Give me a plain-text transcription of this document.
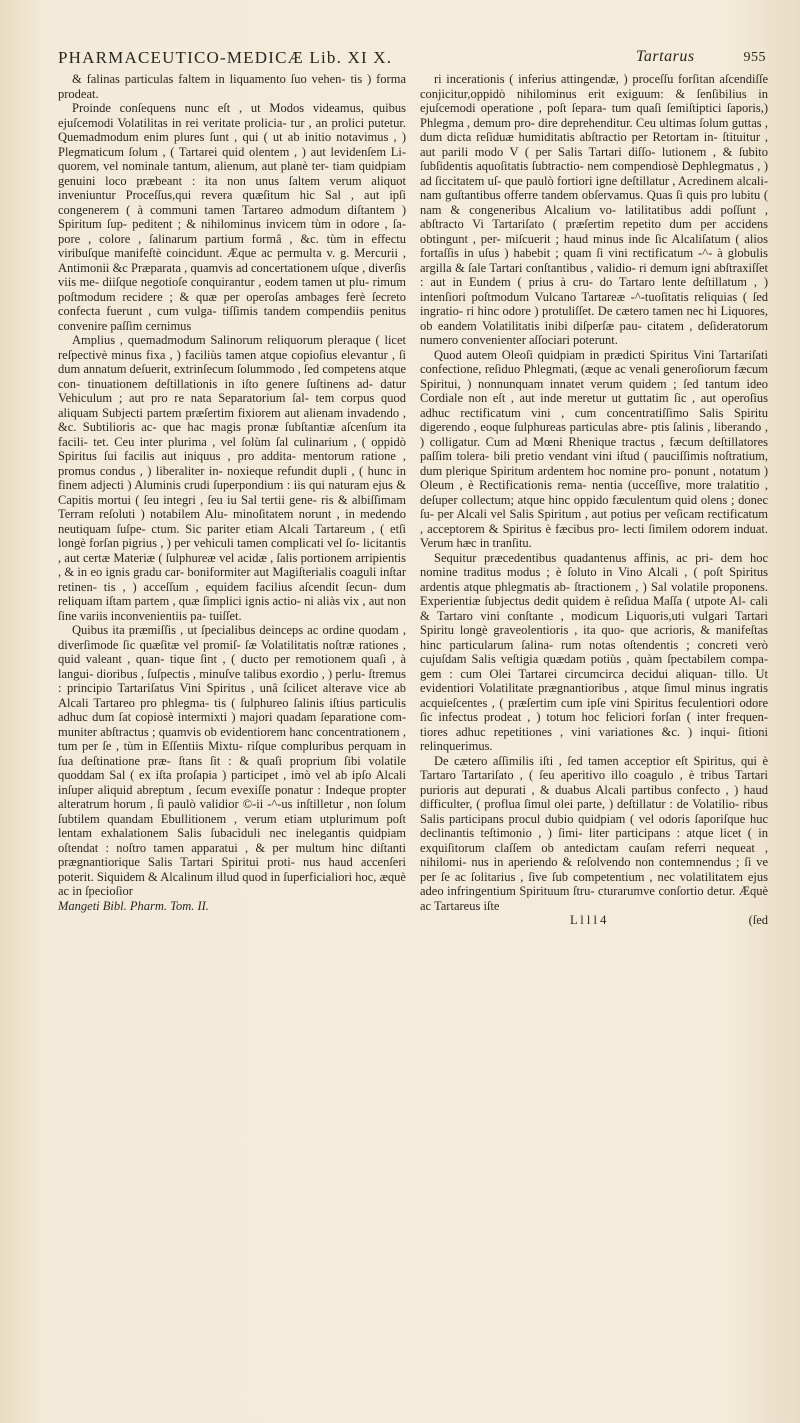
PHARMACEUTICO-MEDICÆ Lib. XI X.	Tartarus	955

& falinas particulas faltem in liquamento ſuo vehen- tis ) forma prodeat.

Proinde conſequens nunc eſt , ut Modos videamus, quibus ejuſcemodi Volatilitas in rei veritate prolicia- tur , an prolici putetur. Quemadmodum enim plures ſunt , qui ( ut ab initio notavimus , ) Plegmaticum ſolum , ( Tartarei quid olentem , ) aut levidenſem Li- quorem, vel nominale tantum, alienum, aut planè ter- tiam quidpiam genuini loco præbeant : ita non unus ſaltem verum aliquot inveniuntur Proceſſus,qui revera quæſitum hic Sal , aut ipſi congenerem ( à communi tamen Tartareo admodum diſtantem ) Spiritum ſup- peditent ; & nihilominus invicem tùm in odore , ſa- pore , colore , ſalinarum partium formâ , &c. tùm in effectu viribuſque manifeſtè coincidunt. Æque ac permulta v. g. Mercurii , Antimonii &c Præparata , quamvis ad concertationem uſque , diverſis viis me- diiſque negotioſe conquirantur , eodem tamen ut plu- rimum poſtmodum recidere ; & quæ per operoſas ambages ferè ſecreto confecta fuerunt , cum vulga- tiſſimis tandem compendiis penitus convenire paſſim cernimus

Amplius , quemadmodum Salinorum reliquorum pleraque ( licet reſpectivè minus fixa , ) faciliùs tamen atque copioſius elevantur , ſi dum annatum deſuerit, extrinſecum ſolummodo , ſed competens atque con- tinuationem deſtillationis in iſto genere ſuſtinens ad- datur Vehiculum ; aut pro re nata Separatorium ſal- tem corpus quod aliquam Subjecti partem præſertim fixiorem aut alienam invadendo , &c. Subtilioris ac- que hac magis pronæ ſubſtantiæ aſcenſum ita facili- tet. Ceu inter plurima , vel ſolùm ſal culinarium , ( oppidò Spiritus ſui facilis aut iniquus , pro addita- mentorum ratione , promus condus , ) liberaliter in- noxieque refundit dupli , ( hunc in finem adjecti ) Aluminis crudi ſuperpondium : iis qui naturam ejus & Capitis mortui ( ſeu integri , ſeu iu Sal tertii gene- ris & albiſſimam Terram reſoluti ) notabilem Alu- minoſitatem norunt , in medendo neutiquam ſuſpe- ctum. Sic pariter etiam Alcali Tartareum , ( etſi longè forſan pigrius , ) per vehiculi tamen complicati vel ſo- licitantis , aut certæ Materiæ ( ſulphureæ vel acidæ , ſalis portionem arripientis , & in eo ignis gradu car- boniformiter aut Magiſterialis coaguli inſtar retinen- tis , ) acceſſum , equidem facilius aſcendit ſecun- dum reliquam iſtam partem , quæ ſimplici ignis actio- ni aliàs vix , aut non ſine variis inconvenientiis pa- tuiſſet.

Quibus ita præmiſſis , ut ſpecialibus deinceps ac ordine quodam , diverſimode ſic quæſitæ vel promiſ- ſæ Volatilitatis noſtræ rationes , quid valeant , quan- tique ſint , ( ducto per remotionem quaſi , à langui- dioribus , ſuſpectis , minuſve talibus exordio , ) perlu- ſtremus : principio Tartariſatus Vini Spiritus , unâ ſcilicet alterave vice ab Alcali Tartareo pro phlegma- tis ( ſulphureo ſalinis iſtius particulis adhuc dum ſat copiosè intermixti ) majori quadam ſeparatione com- muniter abſtractus ; quamvis ob evidentiorem hanc concentrationem , tum per ſe , tùm in Eſſentiis Mixtu- riſque compluribus perquam in ſua deſtinatione præ- ſtans ſit : & quaſi proprium ſibi volatile quoddam Sal ( ex iſta proſapia ) participet , imò vel ab ipſo Alcali inſuper aliquid abreptum , ſecum evexiſſe ponatur : Indeque propter alteratrum horum , ſi paulò validior ©-ii -^-us inſtilletur , non ſolum ſubtilem quandam Ebullitionem , verum etiam utplurimum poſt lentam exhalationem Salis ſubacìduli nec inelegantis quidpiam oſtendat : noſtro tamen apparatui , & per multum hinc diſtanti prægnantiorique Salis Tartari Spiritui proti- nus haud accenſeri poterit. Siquidem & Alcalinum illud quod in ſuperficialiori hoc, æquè ac in ſpecioſior

Mangeti Bibl. Pharm. Tom. II.

ri incerationis ( inferius attingendæ, ) proceſſu forſitan aſcendiſſe conjicitur,oppidò nihilominus erit exiguum: & ſenſibilius in ejuſcemodi operatione , poſt ſepara- tum quaſi ſemiſtiptici ſaporis,) Phlegma , demum pro- dire deprehenditur. Ceu ultimas ſolum guttas , dum dicta reſiduæ humiditatis abſtractio per Retortam in- ſtituitur , aut parili modo V ( per Salis Tartari diſſo- lutionem , & ſubito ſubſidentis aquoſitatis ſubtractio- nem compendiosè Dephlegmatus , ) ad ſiccitatem uſ- que paulò fortiori igne deſtillatur , Acredinem alcali- nam guſtantibus offerre tandem obſervamus. Quas ſi quis pro lubitu ( nam & congeneribus Alcalium vo- latilitatibus addi poſſunt , abſtracto Vi Tartariſato ( præſertim repetito dum per accidens obtingunt , per- miſcuerit ; haud minus inde ſic Alcaliſatum ( alios fortaſſis in uſus ) habebit ; quam ſi vini rectificatum -^- à globulis argilla & ſale Tartari conſtantibus , validio- ri demum igni abſtraxiſſet : aut in Eundem ( prius à cru- do Tartaro lente deſtillatum , ) intenſiori poſtmodum Vulcano Tartareæ -^-tuoſitatis reliquias ( ſed ingratio- ri hinc odore ) protuliſſet. De cætero tamen nec hi Liquores, ob eandem Volatilitatis inibi diſperſæ pau- citatem , deſideratorum numero convenienter aſſociari poterunt.

Quod autem Oleoſi quidpiam in prædicti Spiritus Vini Tartariſati confectione, reſiduo Phlegmati, (æque ac venali generoſiorum fæcum Spiritui, ) nonnunquam innatet verum quidem ; ſed tantum ideo Cordiale non eſt , aut inde meretur ut guttatim ſic , aut operoſius adhuc rectificatum vini , cum concentratiſſimo Salis Spiritu digerendo , eoque ſulphureas particulas abre- ptis ſalinis , liberando , ) colligatur. Cum ad Mœni Rhenique tractus , fæcum deſtillatores paſſim tolera- bili pretio vendant vini iſtud ( pauciſſimis noſtratium, dum plerique Spiritum ardentem hoc nomine pro- ponunt , notatum ) Oleum , è Rectificationis rema- nentia (ucceſſive, more tralatitio , deſuper collectum; atque hinc oppido fæculentum quid olens ; donec ſu- per Alcali vel Salis Spiritum , aut potius per veſicam rectificatum , acceptorem & Spiritus è fæcibus pro- lecti ſimilem odorem induat. Verum hæc in tranſitu.

Sequitur præcedentibus quadantenus affinis, ac pri- dem hoc nomine traditus modus ; è ſoluto in Vino Alcali , ( poſt Spiritus ardentis atque phlegmatis ab- ſtractionem , ) Sal volatile proponens. Experientiæ ſubjectus dedit quidem è reſidua Maſſa ( utpote Al- cali & Tartaro vini conſtante , modicum Liquoris,uti vulgari Tartari Spiritu longè graveolentioris , ita quo- que acrioris, & manifeſtas hinc particularum ſalina- rum notas oſtendentis ; concreti verò cujuſdam Salis veſtigia quædam potiùs , quàm ſpectabilem compa- gem : cum Olei Tartarei circumcirca decidui aliquan- tillo. Ut evidentiori Volatilitate prægnantioribus , atque ſimul minus ingratis acquieſcentes , ( præſertim cum ipſe vini Spiritus feculentiori odore ſic infectus prodeat , ) totum hoc feliciori forſan ( inter frequen- tiores adhuc repetitiones , vini variationes &c. ) inqui- ſitioni relinquerimus.

De cætero aſſimilis iſti , ſed tamen acceptior eſt Spiritus, qui è Tartaro Tartariſato , ( ſeu aperitivo illo coagulo , è tribus Tartari purioris aut depurati , & duabus Alcali partibus confecto , ) haud difficulter, ( proflua ſimul olei parte, ) deſtillatur : de Volatilio- ribus Salis participans procul dubio quidpiam ( vel odoris ſaporiſque huc declinantis teſtimonio , ) ſimi- liter participans : atque licet ( in exquiſitorum claſſem ob antedictam cauſam referri nequeat , nihilomi- nus in aperiendo & reſolvendo non contemnendus ; ſi ve per ſe ac ſolitarius , ſive ſub competentium , nec volatilitatem ejus adeo infringentium Spirituum ſtru- cturarumve conſortio detur. Æquè ac Tartareus iſte

L l l l 4	(ſed
